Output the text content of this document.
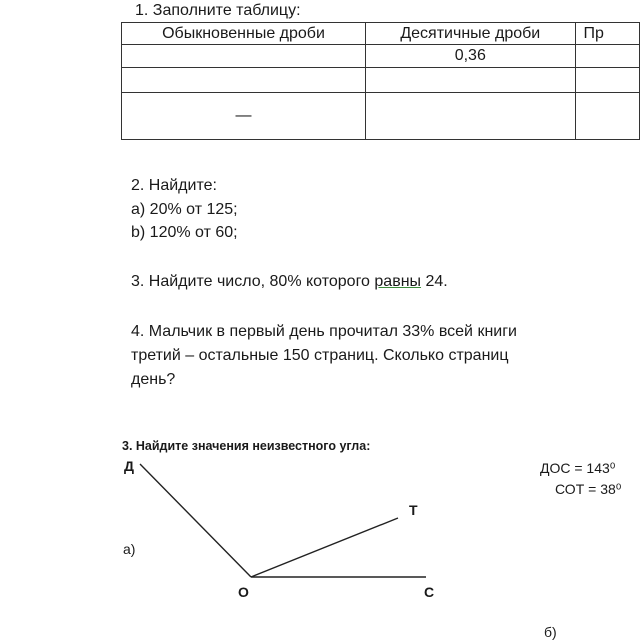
1. Заполните таблицу:
Обыкновенные дроби	Десятичные дроби	Пр
	0,36	

—		
2. Найдите:
a) 20% от 125;
b) 120% от 60;
3. Найдите число, 80% которого равны 24.
4. Мальчик в первый день прочитал 33% всей книги
третий – остальные 150 страниц. Сколько страниц
день?
3. Найдите значения неизвестного угла:
Д
Т
О	С
а)
б)
ДОС = 143⁰
СОТ = 38⁰
